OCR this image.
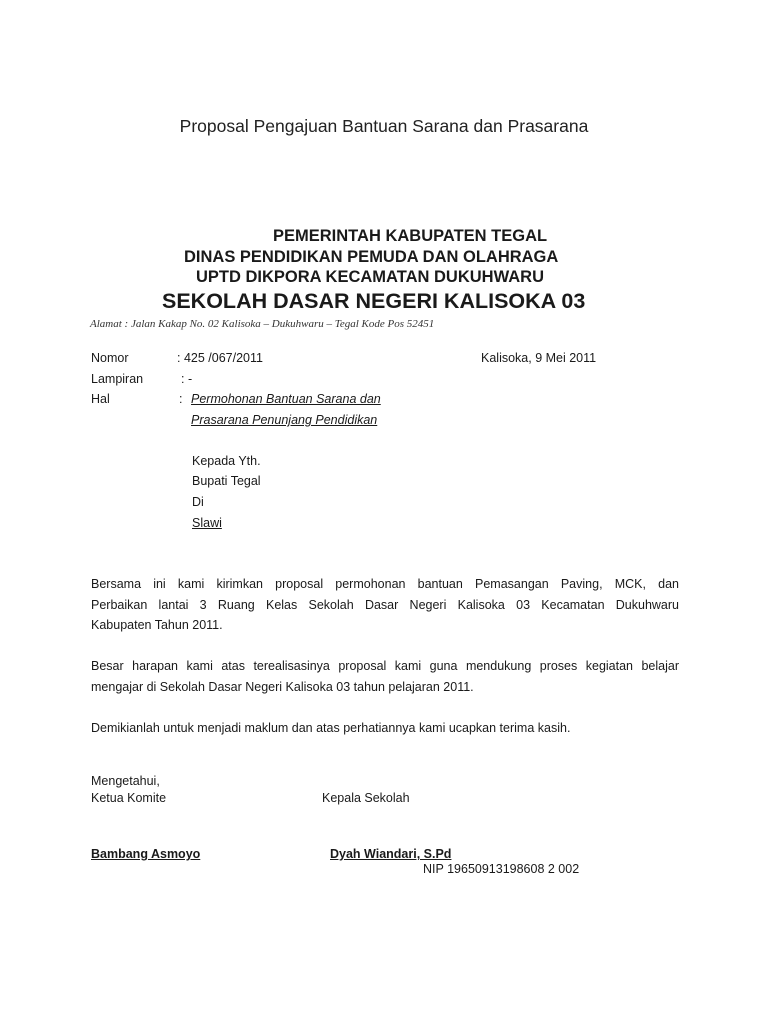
Proposal Pengajuan Bantuan Sarana dan Prasarana
PEMERINTAH KABUPATEN TEGAL
DINAS PENDIDIKAN PEMUDA DAN OLAHRAGA
UPTD DIKPORA KECAMATAN DUKUHWARU
SEKOLAH DASAR NEGERI KALISOKA 03
Alamat : Jalan Kakap No. 02 Kalisoka – Dukuhwaru – Tegal Kode Pos 52451
Nomor	: 425 /067/2011	Kalisoka, 9 Mei 2011
Lampiran	: -
Hal	: Permohonan Bantuan Sarana dan
Prasarana Penunjang Pendidikan
Kepada Yth.
Bupati Tegal
Di
Slawi
Bersama ini kami kirimkan proposal permohonan bantuan Pemasangan Paving, MCK, dan
Perbaikan lantai 3 Ruang Kelas Sekolah Dasar Negeri Kalisoka 03 Kecamatan Dukuhwaru
Kabupaten Tahun 2011.
Besar harapan kami atas terealisasinya proposal kami guna mendukung proses kegiatan belajar
mengajar di Sekolah Dasar Negeri Kalisoka 03 tahun pelajaran 2011.
Demikianlah untuk menjadi maklum dan atas perhatiannya kami ucapkan terima kasih.
Mengetahui,
Ketua Komite	Kepala Sekolah
Bambang Asmoyo	Dyah Wiandari, S.Pd
NIP 19650913198608 2 002
